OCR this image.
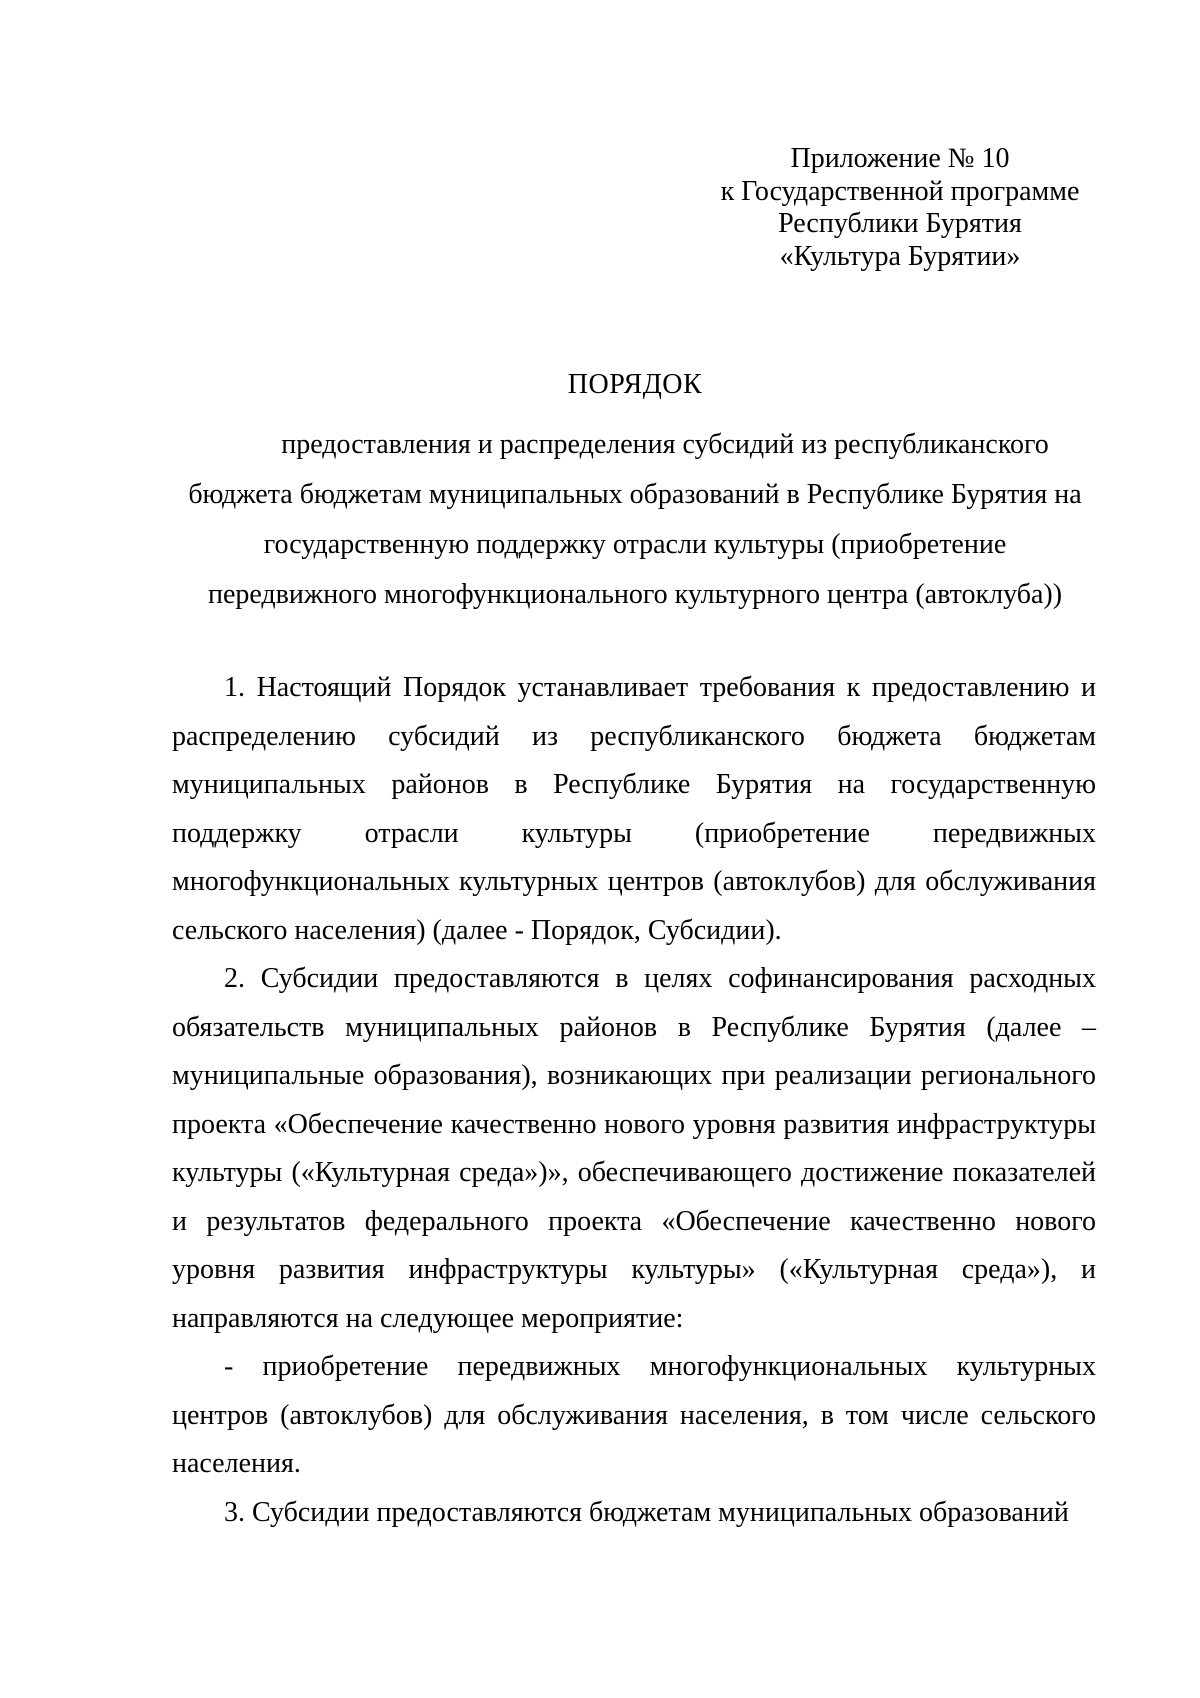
Приложение № 10
к Государственной программе
Республики Бурятия
«Культура Бурятии»
ПОРЯДОК
предоставления и распределения субсидий из республиканского
бюджета бюджетам муниципальных образований в Республике Бурятия на
государственную поддержку отрасли культуры (приобретение
передвижного многофункционального культурного центра (автоклуба))

1. Настоящий Порядок устанавливает требования к предоставлению и распределению субсидий из республиканского бюджета бюджетам муниципальных районов в Республике Бурятия на государственную поддержку отрасли культуры (приобретение передвижных многофункциональных культурных центров (автоклубов) для обслуживания сельского населения) (далее - Порядок, Субсидии).

2. Субсидии предоставляются в целях софинансирования расходных обязательств муниципальных районов в Республике Бурятия (далее – муниципальные образования), возникающих при реализации регионального проекта «Обеспечение качественно нового уровня развития инфраструктуры культуры («Культурная среда»)», обеспечивающего достижение показателей и результатов федерального проекта «Обеспечение качественно нового уровня развития инфраструктуры культуры» («Культурная среда»), и направляются на следующее мероприятие:

- приобретение передвижных многофункциональных культурных центров (автоклубов) для обслуживания населения, в том числе сельского населения.

3. Субсидии предоставляются бюджетам муниципальных образований
